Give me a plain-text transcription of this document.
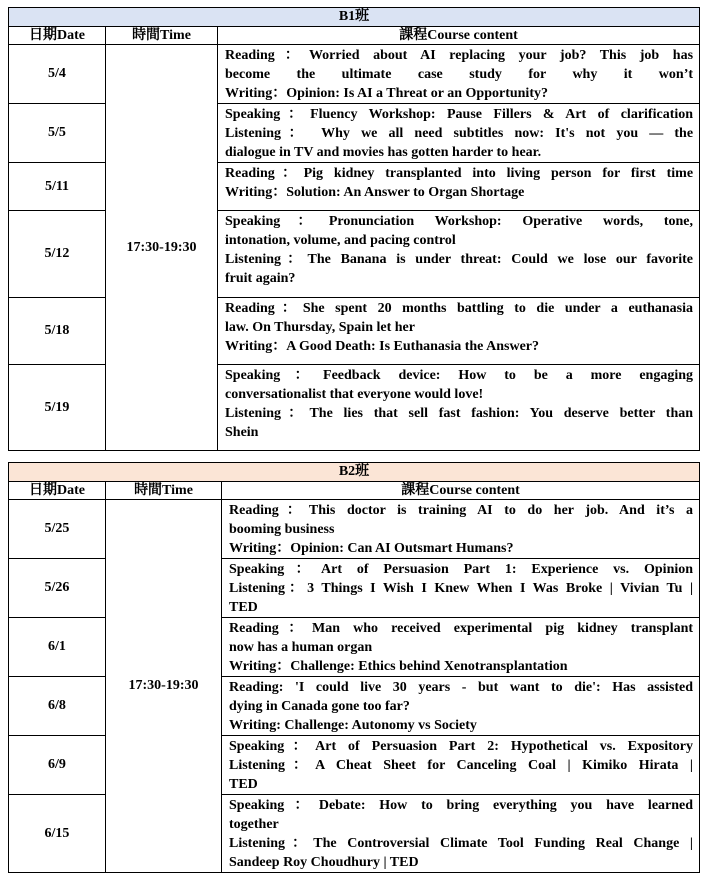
B1班		
日期Date	時間Time	課程Course content
5/4	17:30-19:30	Reading：Worried about AI replacing your job? This job has
become the ultimate case study for why it won’t
Writing：Opinion: Is AI a Threat or an Opportunity?

5/5		Speaking：Fluency Workshop: Pause Fillers & Art of clarification
Listening： Why we all need subtitles now: It's not you — the
dialogue in TV and movies has gotten harder to hear.

5/11		Reading：Pig kidney transplanted into living person for first time
Writing：Solution: An Answer to Organ Shortage

5/12		Speaking：Pronunciation Workshop: Operative words, tone,
intonation, volume, and pacing control
Listening：The Banana is under threat: Could we lose our favorite
fruit again?

5/18		Reading：She spent 20 months battling to die under a euthanasia
law. On Thursday, Spain let her
Writing：A Good Death: Is Euthanasia the Answer?

5/19		Speaking：Feedback device: How to be a more engaging
conversationalist that everyone would love!
Listening：The lies that sell fast fashion: You deserve better than
Shein
B2班		
日期Date	時間Time	課程Course content
5/25	17:30-19:30	Reading：This doctor is training AI to do her job. And it’s a
booming business
Writing：Opinion: Can AI Outsmart Humans?

5/26		Speaking：Art of Persuasion Part 1: Experience vs. Opinion
Listening：3 Things I Wish I Knew When I Was Broke | Vivian Tu |
TED

6/1		Reading：Man who received experimental pig kidney transplant
now has a human organ
Writing：Challenge: Ethics behind Xenotransplantation

6/8		Reading: 'I could live 30 years - but want to die': Has assisted
dying in Canada gone too far?
Writing: Challenge: Autonomy vs Society

6/9		Speaking：Art of Persuasion Part 2: Hypothetical vs. Expository
Listening：A Cheat Sheet for Canceling Coal | Kimiko Hirata |
TED

6/15		Speaking：Debate: How to bring everything you have learned
together
Listening：The Controversial Climate Tool Funding Real Change |
Sandeep Roy Choudhury | TED
